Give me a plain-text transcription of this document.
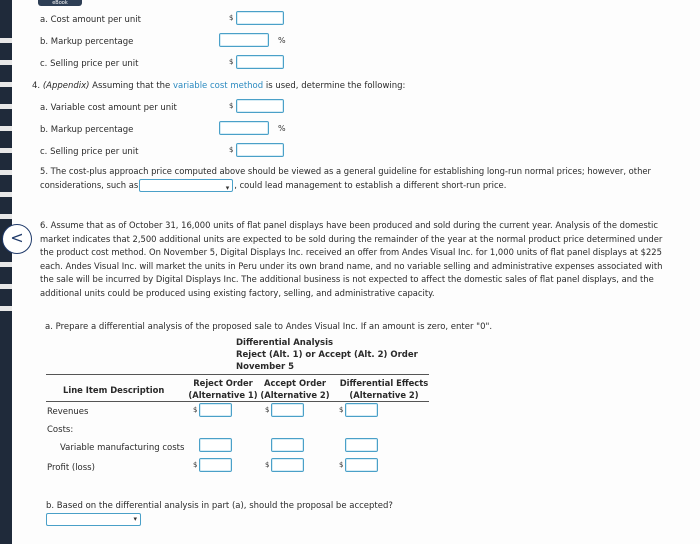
eBook
a. Cost amount per unit	$
b. Markup percentage	%
c. Selling price per unit	$
4. (Appendix) Assuming that the variable cost method is used, determine the following:
a. Variable cost amount per unit	$
b. Markup percentage	%
c. Selling price per unit	$
5. The cost-plus approach price computed above should be viewed as a general guideline for establishing long-run normal prices; however, other
considerations, such as	▾ , could lead management to establish a different short-run price.
<
6. Assume that as of October 31, 16,000 units of flat panel displays have been produced and sold during the current year. Analysis of the domestic market indicates that 2,500 additional units are expected to be sold during the remainder of the year at the normal product price determined under the product cost method. On November 5, Digital Displays Inc. received an offer from Andes Visual Inc. for 1,000 units of flat panel displays at $225 each. Andes Visual Inc. will market the units in Peru under its own brand name, and no variable selling and administrative expenses associated with the sale will be incurred by Digital Displays Inc. The additional business is not expected to affect the domestic sales of flat panel displays, and the additional units could be produced using existing factory, selling, and administrative capacity.
a. Prepare a differential analysis of the proposed sale to Andes Visual Inc. If an amount is zero, enter "0".
Differential Analysis
Reject (Alt. 1) or Accept (Alt. 2) Order
November 5
Line Item Description
Reject Order
(Alternative 1)
Accept Order
(Alternative 2)
Differential Effects
(Alternative 2)
Revenues	$	$	$
Costs:
Variable manufacturing costs
Profit (loss)	$	$	$
b. Based on the differential analysis in part (a), should the proposal be accepted?
▾
